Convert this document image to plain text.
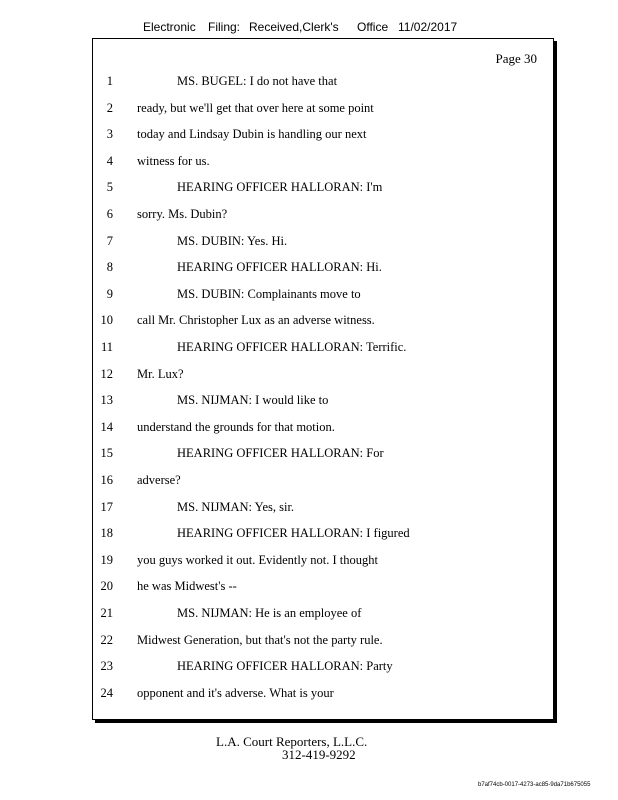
Electronic Filing: Received,Clerk's Office 11/02/2017
Page 30
1	MS. BUGEL: I do not have that
2 ready, but we'll get that over here at some point
3 today and Lindsay Dubin is handling our next
4 witness for us.
5	HEARING OFFICER HALLORAN: I'm
6 sorry. Ms. Dubin?
7	MS. DUBIN: Yes. Hi.
8	HEARING OFFICER HALLORAN: Hi.
9	MS. DUBIN: Complainants move to
10 call Mr. Christopher Lux as an adverse witness.
11	HEARING OFFICER HALLORAN: Terrific.
12 Mr. Lux?
13	MS. NIJMAN: I would like to
14 understand the grounds for that motion.
15	HEARING OFFICER HALLORAN: For
16 adverse?
17	MS. NIJMAN: Yes, sir.
18	HEARING OFFICER HALLORAN: I figured
19 you guys worked it out. Evidently not. I thought
20 he was Midwest's --
21	MS. NIJMAN: He is an employee of
22 Midwest Generation, but that's not the party rule.
23	HEARING OFFICER HALLORAN: Party
24 opponent and it's adverse. What is your
L.A. Court Reporters, L.L.C.
312-419-9292
b7af74cb-0017-4273-ac85-9da71b675055
